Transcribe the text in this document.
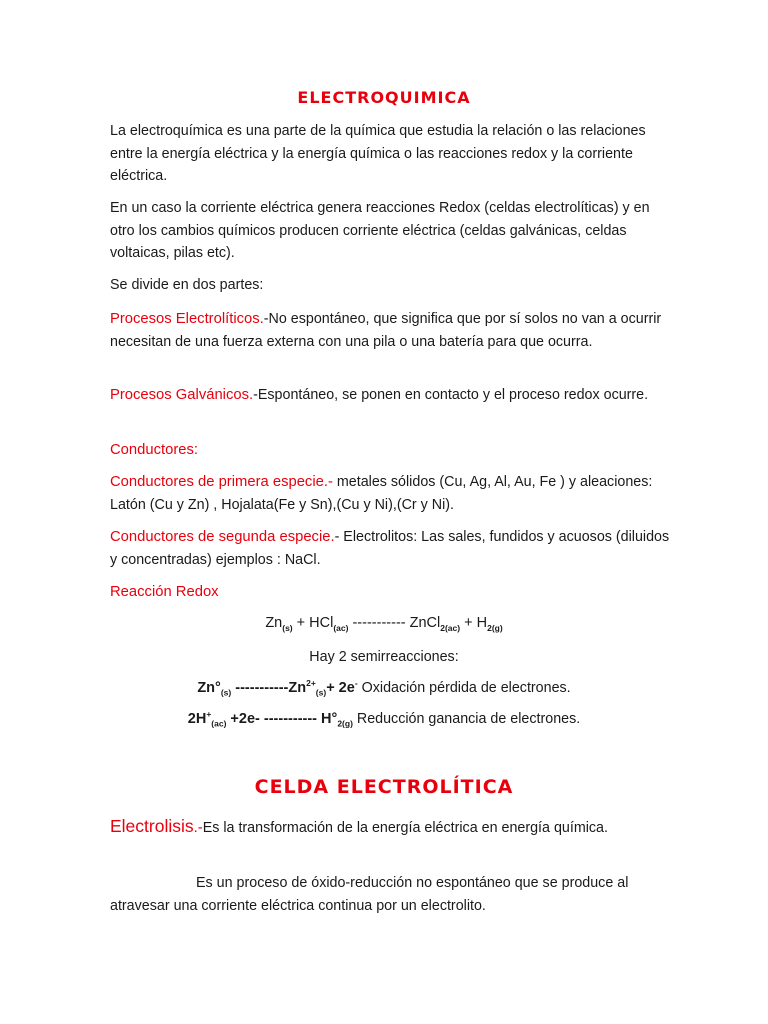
ELECTROQUIMICA

La electroquímica es una parte de la química que estudia la relación o las relaciones entre la energía eléctrica y la energía química o las reacciones redox y la corriente eléctrica.

En un caso la corriente eléctrica genera reacciones Redox (celdas electrolíticas) y en otro los cambios químicos producen corriente eléctrica (celdas galvánicas, celdas voltaicas, pilas etc).

Se divide en dos partes:

Procesos Electrolíticos.-No espontáneo, que significa que por sí solos no van a ocurrir necesitan de una fuerza externa con una pila o una batería para que ocurra.

Procesos Galvánicos.-Espontáneo, se ponen en contacto y el proceso redox ocurre.

Conductores:

Conductores de primera especie.- metales sólidos (Cu, Ag, Al, Au, Fe ) y aleaciones: Latón (Cu y Zn) , Hojalata(Fe y Sn),(Cu y Ni),(Cr y Ni).

Conductores de segunda especie.- Electrolitos: Las sales, fundidos y acuosos (diluidos y concentradas) ejemplos : NaCl.

Reacción Redox

$Zn_{(s)} + HCl_{(ac)}$ ----------- ZnCl$_{2(ac)}$ + $H_{2(g)}$
Hay 2 semirreacciones:
$Zn^\circ_{(s)}$ $-----------Zn^{2+}_{(s)}+ 2e^-$ Oxidación pérdida de electrones.
$2H^+_{(ac)} +2e-$ ----------- $H^\circ_{2(g)}$ Reducción ganancia de electrones.
CELDA ELECTROLÍTICA

Electrolisis.-Es la transformación de la energía eléctrica en energía química.

Es un proceso de óxido-reducción no espontáneo que se produce al atravesar una corriente eléctrica continua por un electrolito.
